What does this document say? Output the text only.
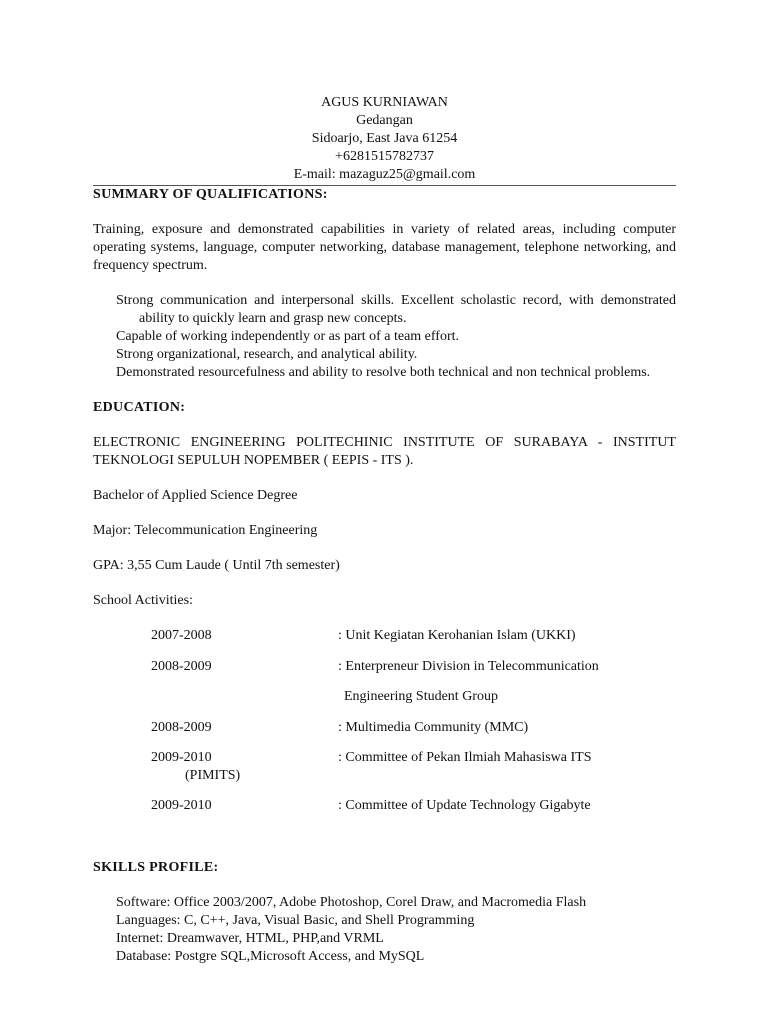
AGUS KURNIAWAN
Gedangan
Sidoarjo, East Java 61254
+6281515782737
E-mail: mazaguz25@gmail.com
SUMMARY OF QUALIFICATIONS:

Training, exposure and demonstrated capabilities in variety of related areas, including computer operating systems, language, computer networking, database management, telephone networking, and frequency spectrum.

Strong communication and interpersonal skills. Excellent scholastic record, with demonstrated ability to quickly learn and grasp new concepts.
Capable of working independently or as part of a team effort.
Strong organizational, research, and analytical ability.
Demonstrated resourcefulness and ability to resolve both technical and non technical problems.
EDUCATION:

ELECTRONIC ENGINEERING POLITECHINIC INSTITUTE OF SURABAYA - INSTITUT TEKNOLOGI SEPULUH NOPEMBER ( EEPIS - ITS ).

Bachelor of Applied Science Degree
Major: Telecommunication Engineering
GPA: 3,55 Cum Laude ( Until 7th semester)
School Activities:
2007-2008	: Unit Kegiatan Kerohanian Islam (UKKI)
2008-2009	: Enterpreneur Division in Telecommunication
Engineering Student Group
2008-2009	: Multimedia Community (MMC)
2009-2010	: Committee of Pekan Ilmiah Mahasiswa ITS
(PIMITS)
2009-2010	: Committee of Update Technology Gigabyte
SKILLS PROFILE:
Software: Office 2003/2007, Adobe Photoshop, Corel Draw, and Macromedia Flash
Languages: C, C++, Java, Visual Basic, and Shell Programming
Internet: Dreamwaver, HTML, PHP,and VRML
Database: Postgre SQL,Microsoft Access, and MySQL
